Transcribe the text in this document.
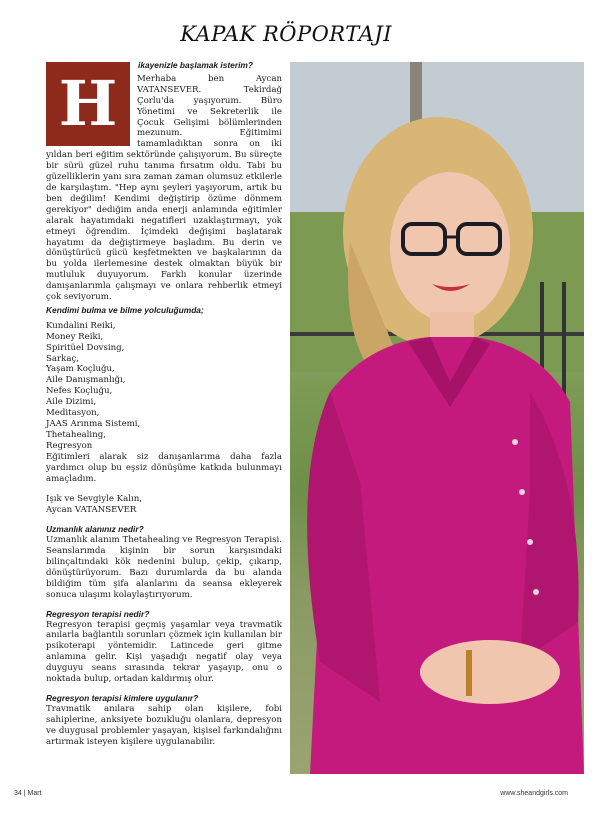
KAPAK RÖPORTAJI
ikayenizle başlamak isterim?
H	Merhaba ben Aycan VATANSEVER. Tekirdağ Çorlu'da yaşıyorum. Büro Yönetimi ve Sekreterlik ile Çocuk Gelişimi bölümlerinden mezunum. Eğitimimi tamamladıktan sonra on iki yıldan beri eğitim sektöründe çalışıyorum. Bu süreçte bir sürü güzel ruhu tanıma fırsatım oldu. Tabi bu güzelliklerin yanı sıra zaman zaman olumsuz etkilerle de karşılaştım. "Hep aynı şeyleri yaşıyorum, artık bu ben değilim! Kendimi değiştirip özüme dönmem gerekiyor" dediğim anda enerji anlamında eğitimler alarak hayatımdaki negatifleri uzaklaştırmayı, yok etmeyi öğrendim. İçimdeki değişimi başlatarak hayatımı da değiştirmeye başladım. Bu derin ve dönüştürücü gücü keşfetmekten ve başkalarının da bu yolda ilerlemesine destek olmaktan büyük bir mutluluk duyuyorum. Farklı konular üzerinde danışanlarımla çalışmayı ve onlara rehberlik etmeyi çok seviyorum.

Kendimi bulma ve bilme yolculuğumda;
Kundalini Reiki,
Money Reiki,
Spiritüel Dovsing,
Sarkaç,
Yaşam Koçluğu,
Aile Danışmanlığı,
Nefes Koçluğu,
Aile Dizimi,
Meditasyon,
JAAS Arınma Sistemi,
Thetahealing,
Regresyon

Eğitimleri alarak siz danışanlarıma daha fazla yardımcı olup bu eşsiz dönüşüme katkıda bulunmayı amaçladım.

Işık ve Sevgiyle Kalın,
Aycan VATANSEVER
Uzmanlık alanınız nedir?

Uzmanlık alanım Thetahealing ve Regresyon Terapisi. Seanslarımda kişinin bir sorun karşısındaki bilinçaltındaki kök nedenini bulup, çekip, çıkarıp, dönüştürüyorum. Bazı durumlarda da bu alanda bildiğim tüm şifa alanlarını da seansa ekleyerek sonuca ulaşımı kolaylaştırıyorum.

Regresyon terapisi nedir?

Regresyon terapisi geçmiş yaşamlar veya travmatik anılarla bağlantılı sorunları çözmek için kullanılan bir psikoterapi yöntemidir. Latincede geri gitme anlamına gelir. Kişi yaşadığı negatif olay veya duyguyu seans sırasında tekrar yaşayıp, onu o noktada bulup, ortadan kaldırmış olur.

Regresyon terapisi kimlere uygulanır?

Travmatik anılara sahip olan kişilere, fobi sahiplerine, anksiyete bozukluğu olanlara, depresyon ve duygusal problemler yaşayan, kişisel farkındalığını artırmak isteyen kişilere uygulanabilir.

34 | Mart	www.sheandgirls.com
